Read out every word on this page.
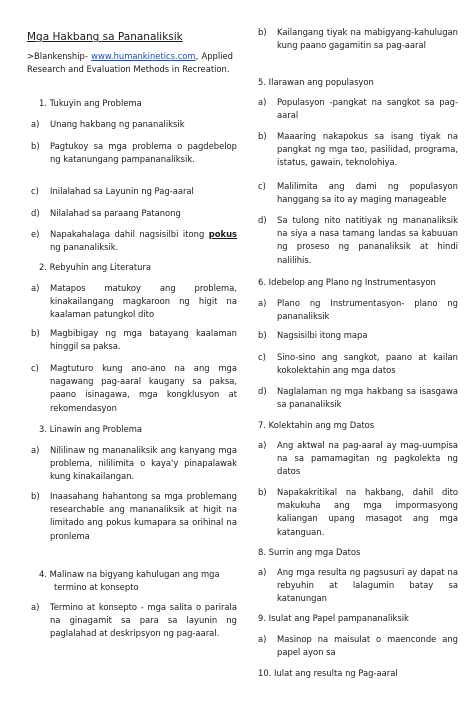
Mga Hakbang sa Pananaliksik

>Blankenship- www.humankinetics.com, Applied Research and Evaluation Methods in Recreation.

1. Tukuyin ang Problema

a)	Unang hakbang ng pananaliksik
b)	Pagtukoy sa mga problema o pagdebelop ng katanungang pampananaliksik.
c)	Inilalahad sa Layunin ng Pag-aaral
d)	Nilalahad sa paraang Patanong
e)	Napakahalaga dahil nagsisilbi itong pokus ng pananaliksik.

2. Rebyuhin ang Literatura

a)	Matapos matukoy ang problema, kinakailangang magkaroon ng higit na kaalaman patungkol dito
b)	Magbibigay ng mga batayang kaalaman hinggil sa paksa.
c)	Magtuturo kung ano-ano na ang mga nagawang pag-aaral kaugany sa paksa, paano isinagawa, mga kongklusyon at rekomendasyon

3. Linawin ang Problema

a)	Nililinaw ng mananaliksik ang kanyang mga problema, nililimita o kaya'y pinapalawak kung kinakailangan.
b)	Inaasahang hahantong sa mga problemang researchable ang mananaliksik at higit na limitado ang pokus kumapara sa orihinal na pronlema

4. Malinaw na bigyang kahulugan ang mga termino at konsepto

a)	Termino at konsepto - mga salita o parirala na ginagamit sa para sa layunin ng paglalahad at deskripsyon ng pag-aaral.
b)	Kailangang tiyak na mabigyang-kahulugan kung paano gagamitin sa pag-aaral

5. Ilarawan ang populasyon

a)	Populasyon -pangkat na sangkot sa pag-aaral
b)	Maaaring nakapokus sa isang tiyak na pangkat ng mga tao, pasilidad, programa, istatus, gawain, teknolohiya.
c)	Malilimita ang dami ng populasyon hanggang sa ito ay maging manageable
d)	Sa tulong nito natitiyak ng mananaliksik na siya a nasa tamang landas sa kabuuan ng proseso ng pananaliksik at hindi nalilihis.

6. Idebelop ang Plano ng Instrumentasyon

a)	Plano ng Instrumentasyon- plano ng pananaliksik
b)	Nagsisilbi itong mapa
c)	Sino-sino ang sangkot, paano at kailan kokolektahin ang mga datos
d)	Naglalaman ng mga hakbang sa isasgawa sa pananaliksik

7. Kolektahin ang mg Datos

a)	Ang aktwal na pag-aaral ay mag-uumpisa na sa pamamagitan ng pagkolekta ng datos
b)	Napakakritikal na hakbang, dahil dito makukuha ang mga impormasyong kaliangan upang masagot ang mga katanguan.

8. Surrin ang mga Datos

a)	Ang mga resulta ng pagsusuri ay dapat na rebyuhin at lalagumin batay sa katanungan

9. Isulat ang Papel pampananaliksik

a)	Masinop na maisulat o maenconde ang papel ayon sa

10. Iulat ang resulta ng Pag-aaral
